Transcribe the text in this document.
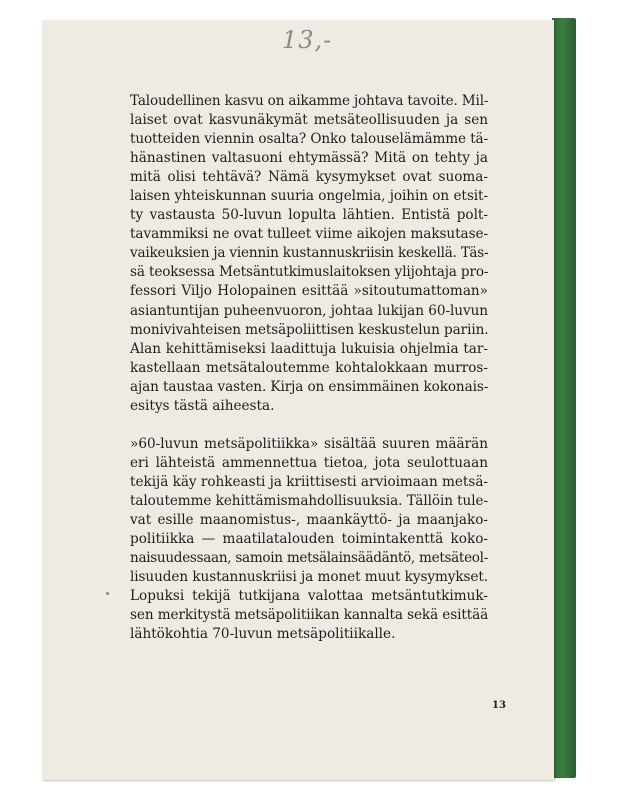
13,-

Taloudellinen kasvu on aikamme johtava tavoite. Mil-
laiset ovat kasvunäkymät metsäteollisuuden ja sen
tuotteiden viennin osalta? Onko talouselämämme tä-
hänastinen valtasuoni ehtymässä? Mitä on tehty ja
mitä olisi tehtävä? Nämä kysymykset ovat suoma-
laisen yhteiskunnan suuria ongelmia, joihin on etsit-
ty vastausta 50-luvun lopulta lähtien. Entistä polt-
tavammiksi ne ovat tulleet viime aikojen maksutase-
vaikeuksien ja viennin kustannuskriisin keskellä. Täs-
sä teoksessa Metsäntutkimuslaitoksen ylijohtaja pro-
fessori Viljo Holopainen esittää »sitoutumattoman»
asiantuntijan puheenvuoron, johtaa lukijan 60-luvun
monivivahteisen metsäpoliittisen keskustelun pariin.
Alan kehittämiseksi laadittuja lukuisia ohjelmia tar-
kastellaan metsätaloutemme kohtalokkaan murros-
ajan taustaa vasten. Kirja on ensimmäinen kokonais-
esitys tästä aiheesta.

»60-luvun metsäpolitiikka» sisältää suuren määrän
eri lähteistä ammennettua tietoa, jota seulottuaan
tekijä käy rohkeasti ja kriittisesti arvioimaan metsä-
taloutemme kehittämismahdollisuuksia. Tällöin tule-
vat esille maanomistus-, maankäyttö- ja maanjako-
politiikka — maatilatalouden toimintakenttä koko-
naisuudessaan, samoin metsälainsäädäntö, metsäteol-
lisuuden kustannuskriisi ja monet muut kysymykset.
Lopuksi tekijä tutkijana valottaa metsäntutkimuk-
sen merkitystä metsäpolitiikan kannalta sekä esittää
lähtökohtia 70-luvun metsäpolitiikalle.

13
